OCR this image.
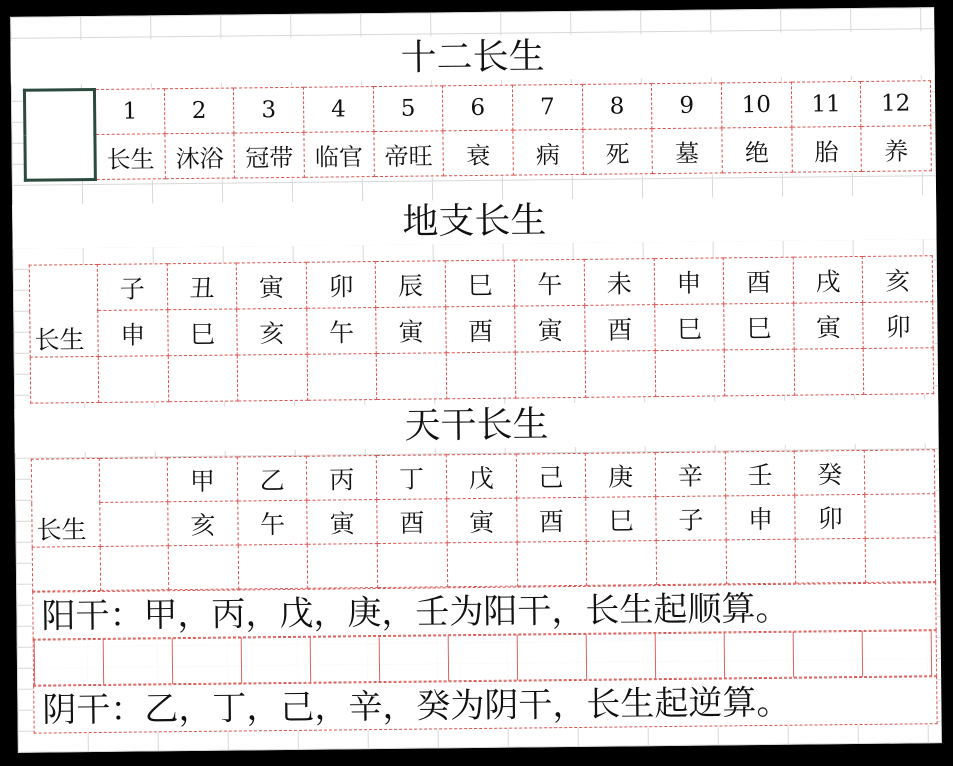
十二长生
	1	2	3	4	5	6	7	8	9	10	11	12
	长生	沐浴	冠带	临官	帝旺	衰	病	死	墓	绝	胎	养
地支长生
长生	子	丑	寅	卯	辰	巳	午	未	申	酉	戌	亥
	申	巳	亥	午	寅	酉	寅	酉	巳	巳	寅	卯

天干长生
长生		甲	乙	丙	丁	戊	己	庚	辛	壬	癸	
		亥	午	寅	酉	寅	酉	巳	子	申	卯	

阳干：甲，丙，戊，庚，壬为阳干，长生起顺算。
阴干：乙，丁，己，辛，癸为阴干，长生起逆算。
